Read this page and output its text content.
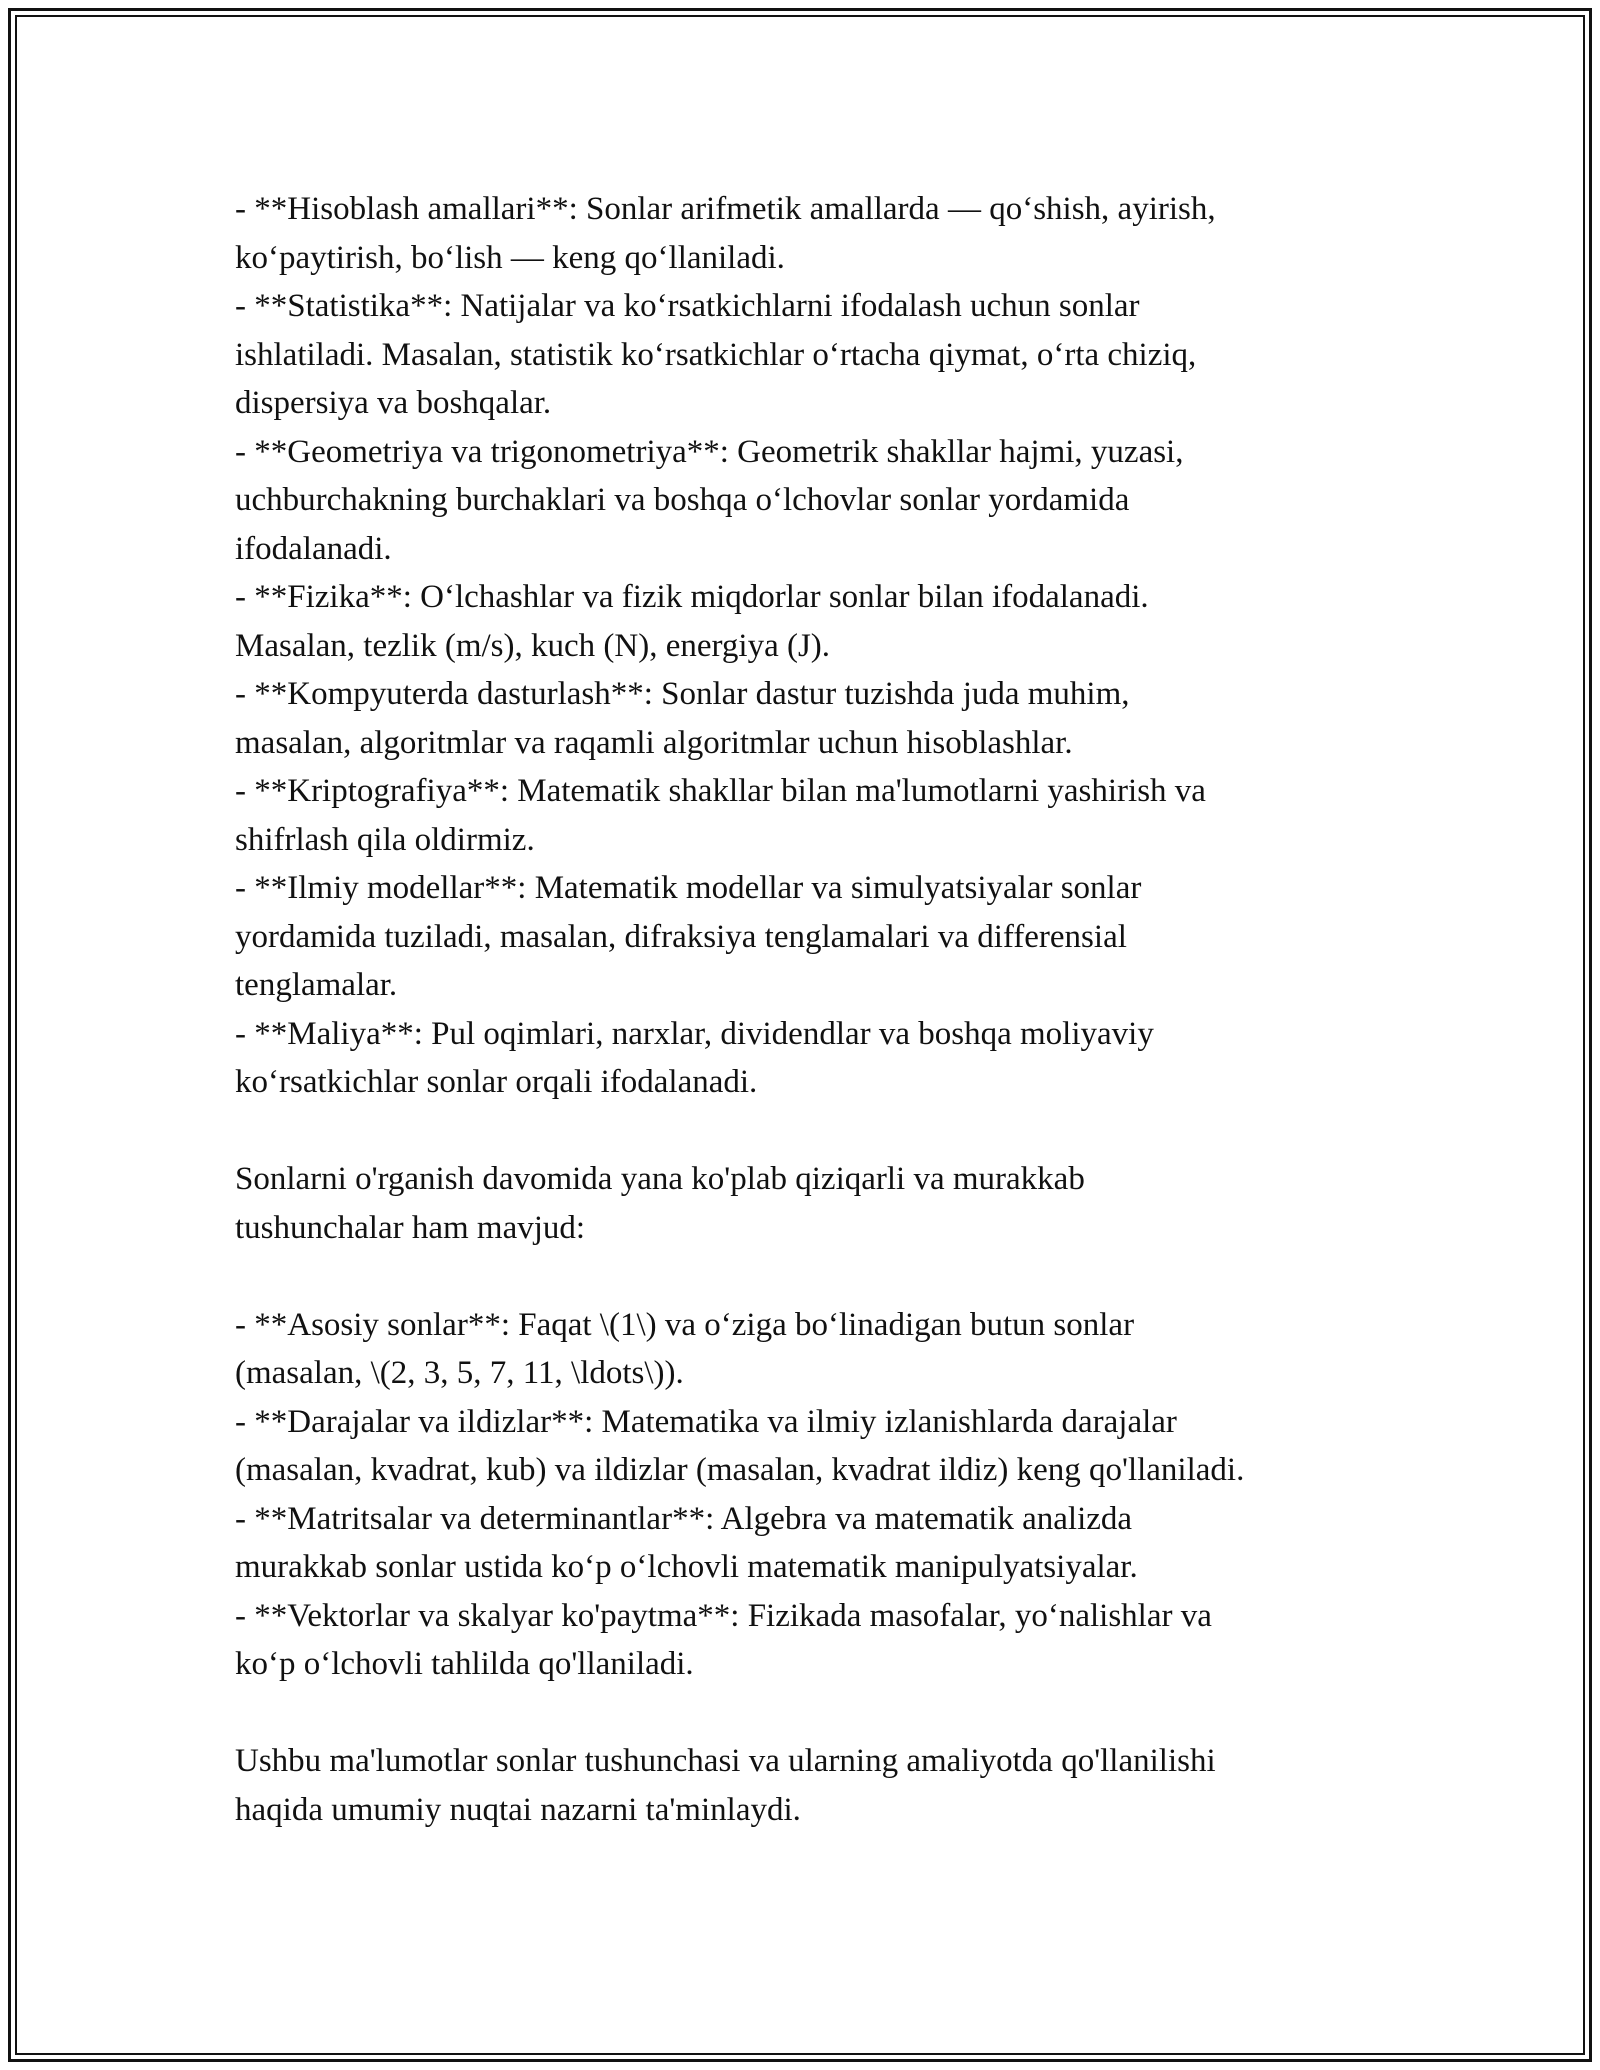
- **Hisoblash amallari**: Sonlar arifmetik amallarda — qo‘shish, ayirish,

ko‘paytirish, bo‘lish — keng qo‘llaniladi.

- **Statistika**: Natijalar va ko‘rsatkichlarni ifodalash uchun sonlar

ishlatiladi. Masalan, statistik ko‘rsatkichlar o‘rtacha qiymat, o‘rta chiziq,

dispersiya va boshqalar.

- **Geometriya va trigonometriya**: Geometrik shakllar hajmi, yuzasi,

uchburchakning burchaklari va boshqa o‘lchovlar sonlar yordamida

ifodalanadi.

- **Fizika**: O‘lchashlar va fizik miqdorlar sonlar bilan ifodalanadi.

Masalan, tezlik (m/s), kuch (N), energiya (J).

- **Kompyuterda dasturlash**: Sonlar dastur tuzishda juda muhim,

masalan, algoritmlar va raqamli algoritmlar uchun hisoblashlar.

- **Kriptografiya**: Matematik shakllar bilan ma'lumotlarni yashirish va

shifrlash qila oldirmiz.

- **Ilmiy modellar**: Matematik modellar va simulyatsiyalar sonlar

yordamida tuziladi, masalan, difraksiya tenglamalari va differensial

tenglamalar.

- **Maliya**: Pul oqimlari, narxlar, dividendlar va boshqa moliyaviy

ko‘rsatkichlar sonlar orqali ifodalanadi.

Sonlarni o'rganish davomida yana ko'plab qiziqarli va murakkab

tushunchalar ham mavjud:

- **Asosiy sonlar**: Faqat \(1\) va o‘ziga bo‘linadigan butun sonlar

(masalan, \(2, 3, 5, 7, 11, \ldots\)).

- **Darajalar va ildizlar**: Matematika va ilmiy izlanishlarda darajalar

(masalan, kvadrat, kub) va ildizlar (masalan, kvadrat ildiz) keng qo'llaniladi.

- **Matritsalar va determinantlar**: Algebra va matematik analizda

murakkab sonlar ustida ko‘p o‘lchovli matematik manipulyatsiyalar.

- **Vektorlar va skalyar ko'paytma**: Fizikada masofalar, yo‘nalishlar va

ko‘p o‘lchovli tahlilda qo'llaniladi.

Ushbu ma'lumotlar sonlar tushunchasi va ularning amaliyotda qo'llanilishi

haqida umumiy nuqtai nazarni ta'minlaydi.
